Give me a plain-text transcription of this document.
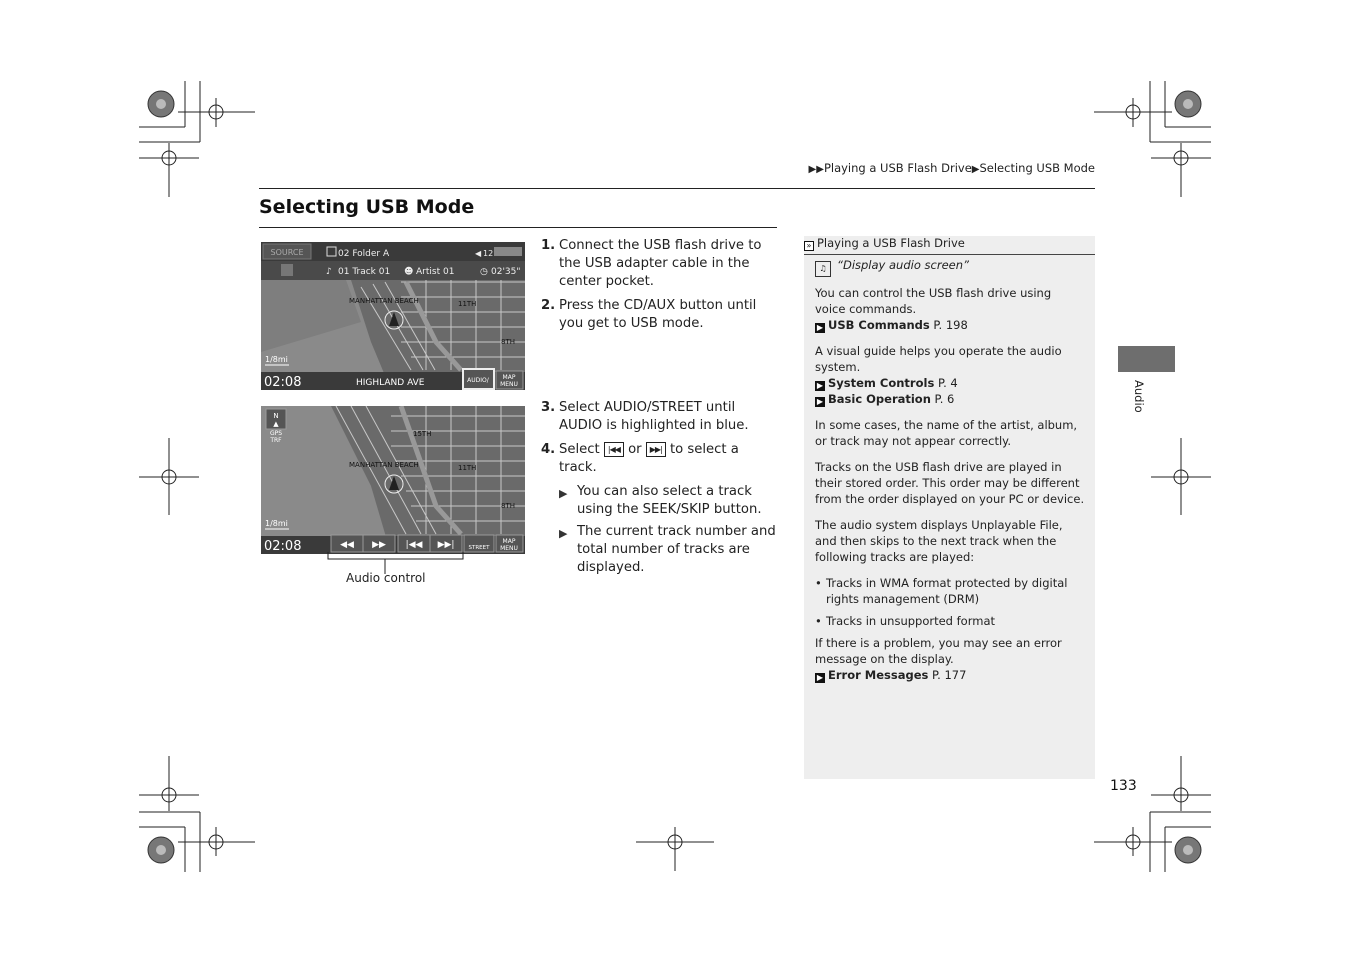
▶▶Playing a USB Flash Drive▶Selecting USB Mode
Selecting USB Mode
SOURCE	02 Folder A	◀ 12
♪ 01 Track 01 ☻ Artist 01	◷ 02'35"
MANHATTAN BEACH	11TH
8TH
1/8mi
02:08	HIGHLAND AVE	AUDIO/ MAP
MENU
N
▲
GPS
TRF
15TH
MANHATTAN BEACH	11TH
8TH
1/8mi
02:08	◀◀ ▶▶ |◀◀ ▶▶|	STREET
MAP
MENU
Audio control
1. Connect the USB flash drive to the USB adapter cable in the center pocket.
2. Press the CD/AUX button until you get to USB mode.
3. Select AUDIO/STREET until AUDIO is highlighted in blue.
4. Select |◀◀ or ▶▶| to select a track.
▶ You can also select a track using the SEEK/SKIP button.
▶ The current track number and total number of tracks are displayed.
» Playing a USB Flash Drive
♫ “Display audio screen”
You can control the USB flash drive using voice commands.
▶ USB Commands P. 198
A visual guide helps you operate the audio system.
▶ System Controls P. 4
▶ Basic Operation P. 6
In some cases, the name of the artist, album, or track may not appear correctly.
Tracks on the USB flash drive are played in their stored order. This order may be different from the order displayed on your PC or device.
The audio system displays Unplayable File, and then skips to the next track when the following tracks are played:
• Tracks in WMA format protected by digital rights management (DRM)
• Tracks in unsupported format
If there is a problem, you may see an error message on the display.
▶ Error Messages P. 177
Audio
133
